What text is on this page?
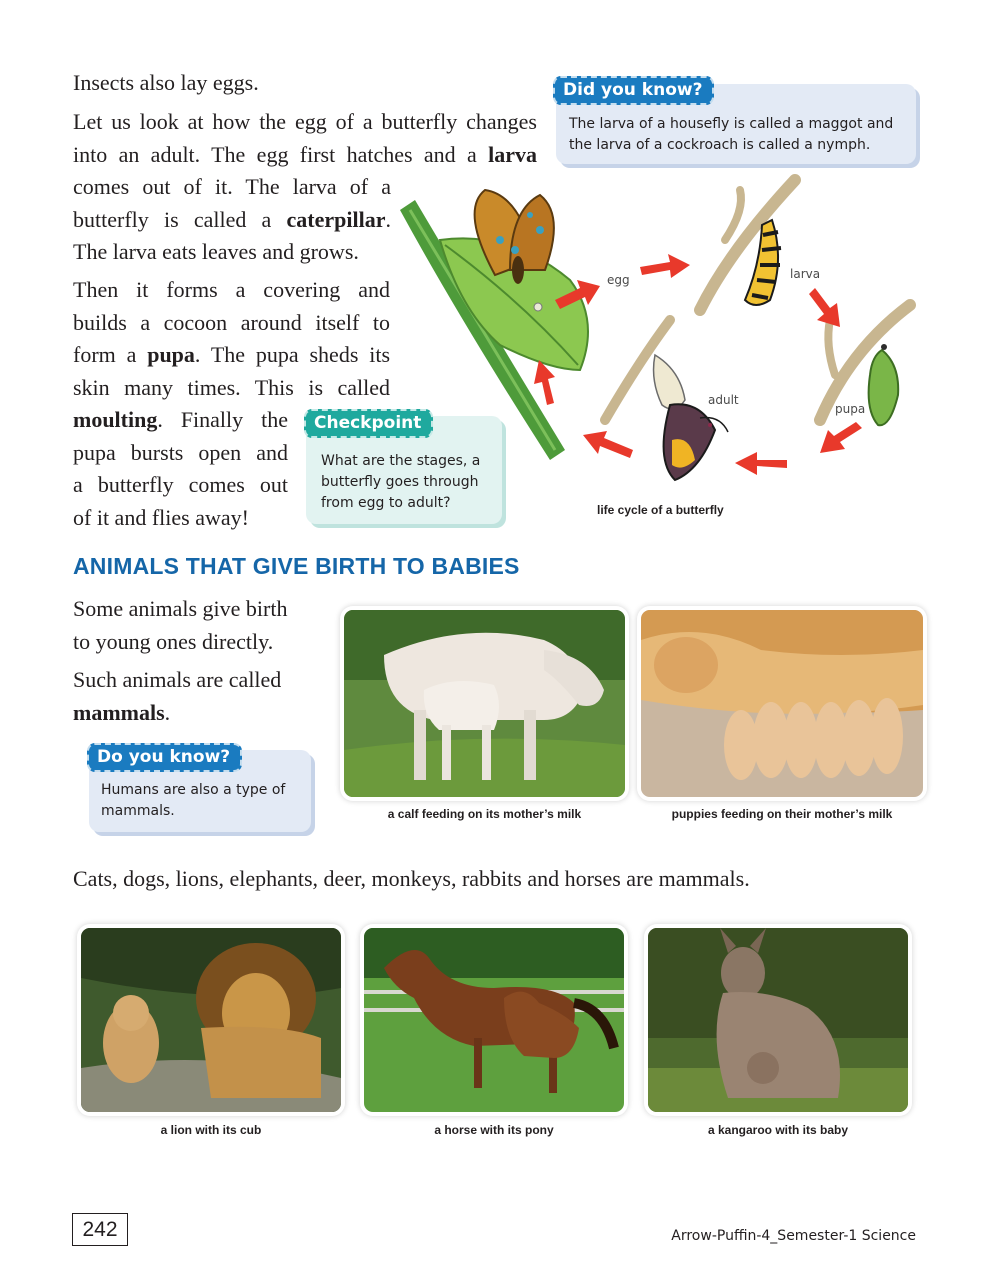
Insects also lay eggs.

Let us look at how the egg of a butterfly changes

into an adult. The egg first hatches and a larva

comes out of it. The larva of a

butterfly is called a caterpillar.

The larva eats leaves and grows.

Then it forms a covering and

builds a cocoon around itself to

form a pupa. The pupa sheds its

skin many times. This is called

moulting. Finally the

pupa bursts open and

a butterfly comes out

of it and flies away!

Did you know?
The larva of a housefly is called a maggot and
the larva of a cockroach is called a nymph.
Checkpoint
What are the stages, a
butterfly goes through
from egg to adult?
egg	larva
pupa
adult
life cycle of a butterfly
ANIMALS THAT GIVE BIRTH TO BABIES

Some animals give birth

to young ones directly.

Such animals are called

mammals.

Do you know?
Humans are also a type of
mammals.	a calf feeding on its mother’s milk	puppies feeding on their mother’s milk

Cats, dogs, lions, elephants, deer, monkeys, rabbits and horses are mammals.

a lion with its cub	a horse with its pony	a kangaroo with its baby
242	Arrow-Puffin-4_Semester-1 Science
